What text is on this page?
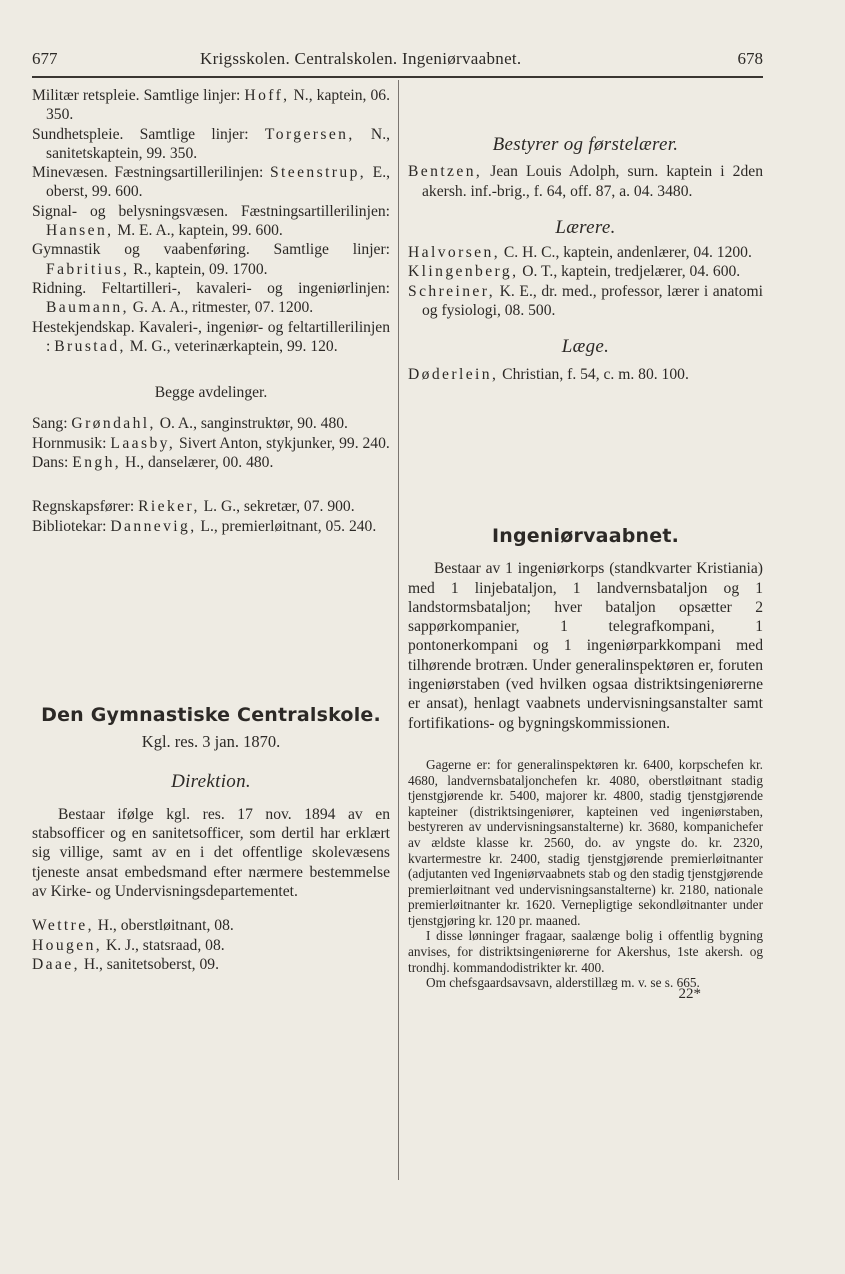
677	Krigsskolen. Centralskolen. Ingeniørvaabnet.	678

Militær retspleie. Samtlige linjer: Hoff, N., kaptein, 06. 350.

Sundhetspleie. Samtlige linjer: Torgersen, N., sanitetskaptein, 99. 350.

Minevæsen. Fæstningsartillerilinjen: Steenstrup, E., oberst, 99. 600.

Signal- og belysningsvæsen. Fæstningsartillerilinjen: Hansen, M. E. A., kaptein, 99. 600.

Gymnastik og vaabenføring. Samtlige linjer: Fabritius, R., kaptein, 09. 1700.

Ridning. Feltartilleri-, kavaleri- og ingeniørlinjen: Baumann, G. A. A., ritmester, 07. 1200.

Hestekjendskap. Kavaleri-, ingeniør- og feltartillerilinjen : Brustad, M. G., veterinærkaptein, 99. 120.

Begge avdelinger.

Sang: Grøndahl, O. A., sanginstruktør, 90. 480.

Hornmusik: Laasby, Sivert Anton, stykjunker, 99. 240.

Dans: Engh, H., danselærer, 00. 480.

Regnskapsfører: Rieker, L. G., sekretær, 07. 900.

Bibliotekar: Dannevig, L., premierløitnant, 05. 240.

Den Gymnastiske Centralskole.

Kgl. res. 3 jan. 1870.

Direktion.

Bestaar ifølge kgl. res. 17 nov. 1894 av en stabsofficer og en sanitetsofficer, som dertil har erklært sig villige, samt av en i det offentlige skolevæsens tjeneste ansat embedsmand efter nærmere bestemmelse av Kirke- og Undervisningsdepartementet.

Wettre, H., oberstløitnant, 08.

Hougen, K. J., statsraad, 08.

Daae, H., sanitetsoberst, 09.

Bestyrer og førstelærer.

Bentzen, Jean Louis Adolph, surn. kaptein i 2den akersh. inf.-brig., f. 64, off. 87, a. 04. 3480.

Lærere.

Halvorsen, C. H. C., kaptein, andenlærer, 04. 1200.

Klingenberg, O. T., kaptein, tredjelærer, 04. 600.

Schreiner, K. E., dr. med., professor, lærer i anatomi og fysiologi, 08. 500.

Læge.

Døderlein, Christian, f. 54, c. m. 80. 100.

Ingeniørvaabnet.

Bestaar av 1 ingeniørkorps (standkvarter Kristiania) med 1 linjebataljon, 1 landvernsbataljon og 1 landstormsbataljon; hver bataljon opsætter 2 sappørkompanier, 1 telegrafkompani, 1 pontonerkompani og 1 ingeniørparkkompani med tilhørende brotræn. Under generalinspektøren er, foruten ingeniørstaben (ved hvilken ogsaa distriktsingeniørerne er ansat), henlagt vaabnets undervisningsanstalter samt fortifikations- og bygningskommissionen.

Gagerne er: for generalinspektøren kr. 6400, korpschefen kr. 4680, landvernsbataljonchefen kr. 4080, oberstløitnant stadig tjenstgjørende kr. 5400, majorer kr. 4800, stadig tjenstgjørende kapteiner (distriktsingeniører, kapteinen ved ingeniørstaben, bestyreren av undervisningsanstalterne) kr. 3680, kompanichefer av ældste klasse kr. 2560, do. av yngste do. kr. 2320, kvartermestre kr. 2400, stadig tjenstgjørende premierløitnanter (adjutanten ved Ingeniørvaabnets stab og den stadig tjenstgjørende premierløitnant ved undervisningsanstalterne) kr. 2180, nationale premierløitnanter kr. 1620. Vernepligtige sekondløitnanter under tjenstgjøring kr. 120 pr. maaned.

I disse lønninger fragaar, saalænge bolig i offentlig bygning anvises, for distriktsingeniørerne for Akershus, 1ste akersh. og trondhj. kommandodistrikter kr. 400.

Om chefsgaardsavsavn, alderstillæg m. v. se s. 665.

22*
